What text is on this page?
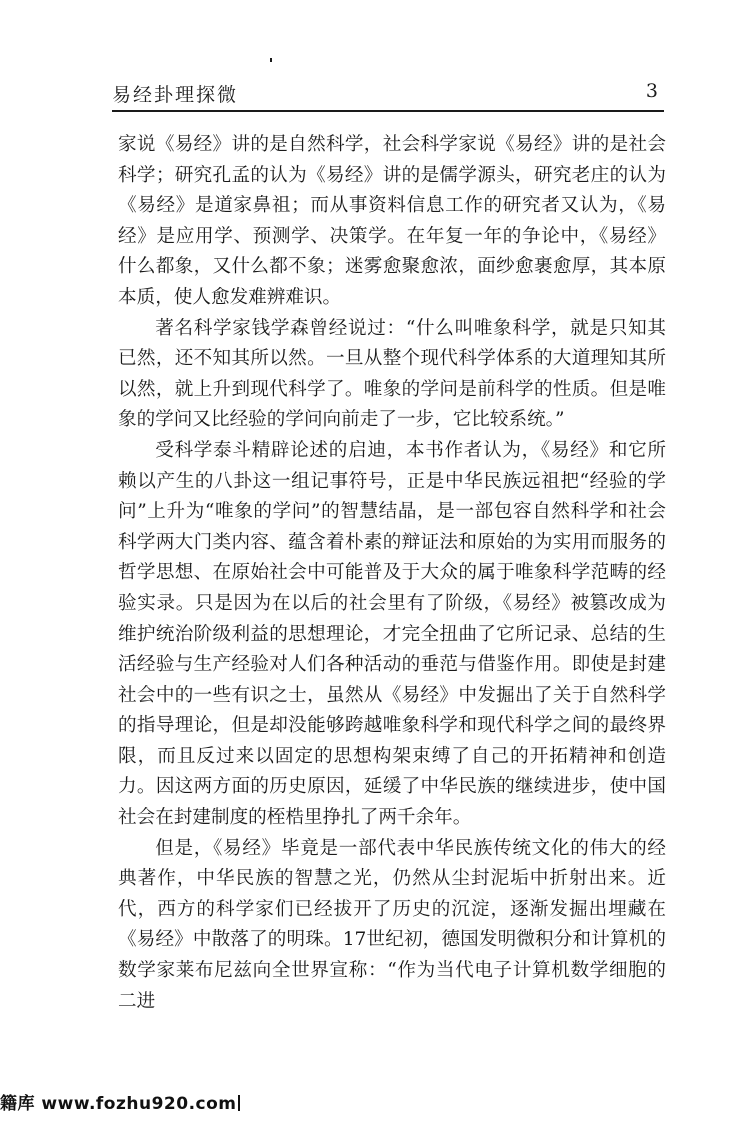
易经卦理探微	3

家说《易经》讲的是自然科学，社会科学家说《易经》讲的是社会科学；研究孔孟的认为《易经》讲的是儒学源头，研究老庄的认为《易经》是道家鼻祖；而从事资料信息工作的研究者又认为，《易经》是应用学、预测学、决策学。在年复一年的争论中，《易经》什么都象，又什么都不象；迷雾愈聚愈浓，面纱愈裹愈厚，其本原本质，使人愈发难辨难识。

著名科学家钱学森曾经说过：“什么叫唯象科学，就是只知其已然，还不知其所以然。一旦从整个现代科学体系的大道理知其所以然，就上升到现代科学了。唯象的学问是前科学的性质。但是唯象的学问又比经验的学问向前走了一步，它比较系统。”

受科学泰斗精辟论述的启迪，本书作者认为，《易经》和它所赖以产生的八卦这一组记事符号，正是中华民族远祖把“经验的学问”上升为“唯象的学问”的智慧结晶，是一部包容自然科学和社会科学两大门类内容、蕴含着朴素的辩证法和原始的为实用而服务的哲学思想、在原始社会中可能普及于大众的属于唯象科学范畴的经验实录。只是因为在以后的社会里有了阶级，《易经》被篡改成为维护统治阶级利益的思想理论，才完全扭曲了它所记录、总结的生活经验与生产经验对人们各种活动的垂范与借鉴作用。即使是封建社会中的一些有识之士，虽然从《易经》中发掘出了关于自然科学的指导理论，但是却没能够跨越唯象科学和现代科学之间的最终界限，而且反过来以固定的思想构架束缚了自己的开拓精神和创造力。因这两方面的历史原因，延缓了中华民族的继续进步，使中国社会在封建制度的桎梏里挣扎了两千余年。

但是，《易经》毕竟是一部代表中华民族传统文化的伟大的经典著作，中华民族的智慧之光，仍然从尘封泥垢中折射出来。近代，西方的科学家们已经拔开了历史的沉淀，逐渐发掘出埋藏在《易经》中散落了的明珠。17世纪初，德国发明微积分和计算机的数学家莱布尼兹向全世界宣称：“作为当代电子计算机数学细胞的二进

籍库 www.fozhu920.com
